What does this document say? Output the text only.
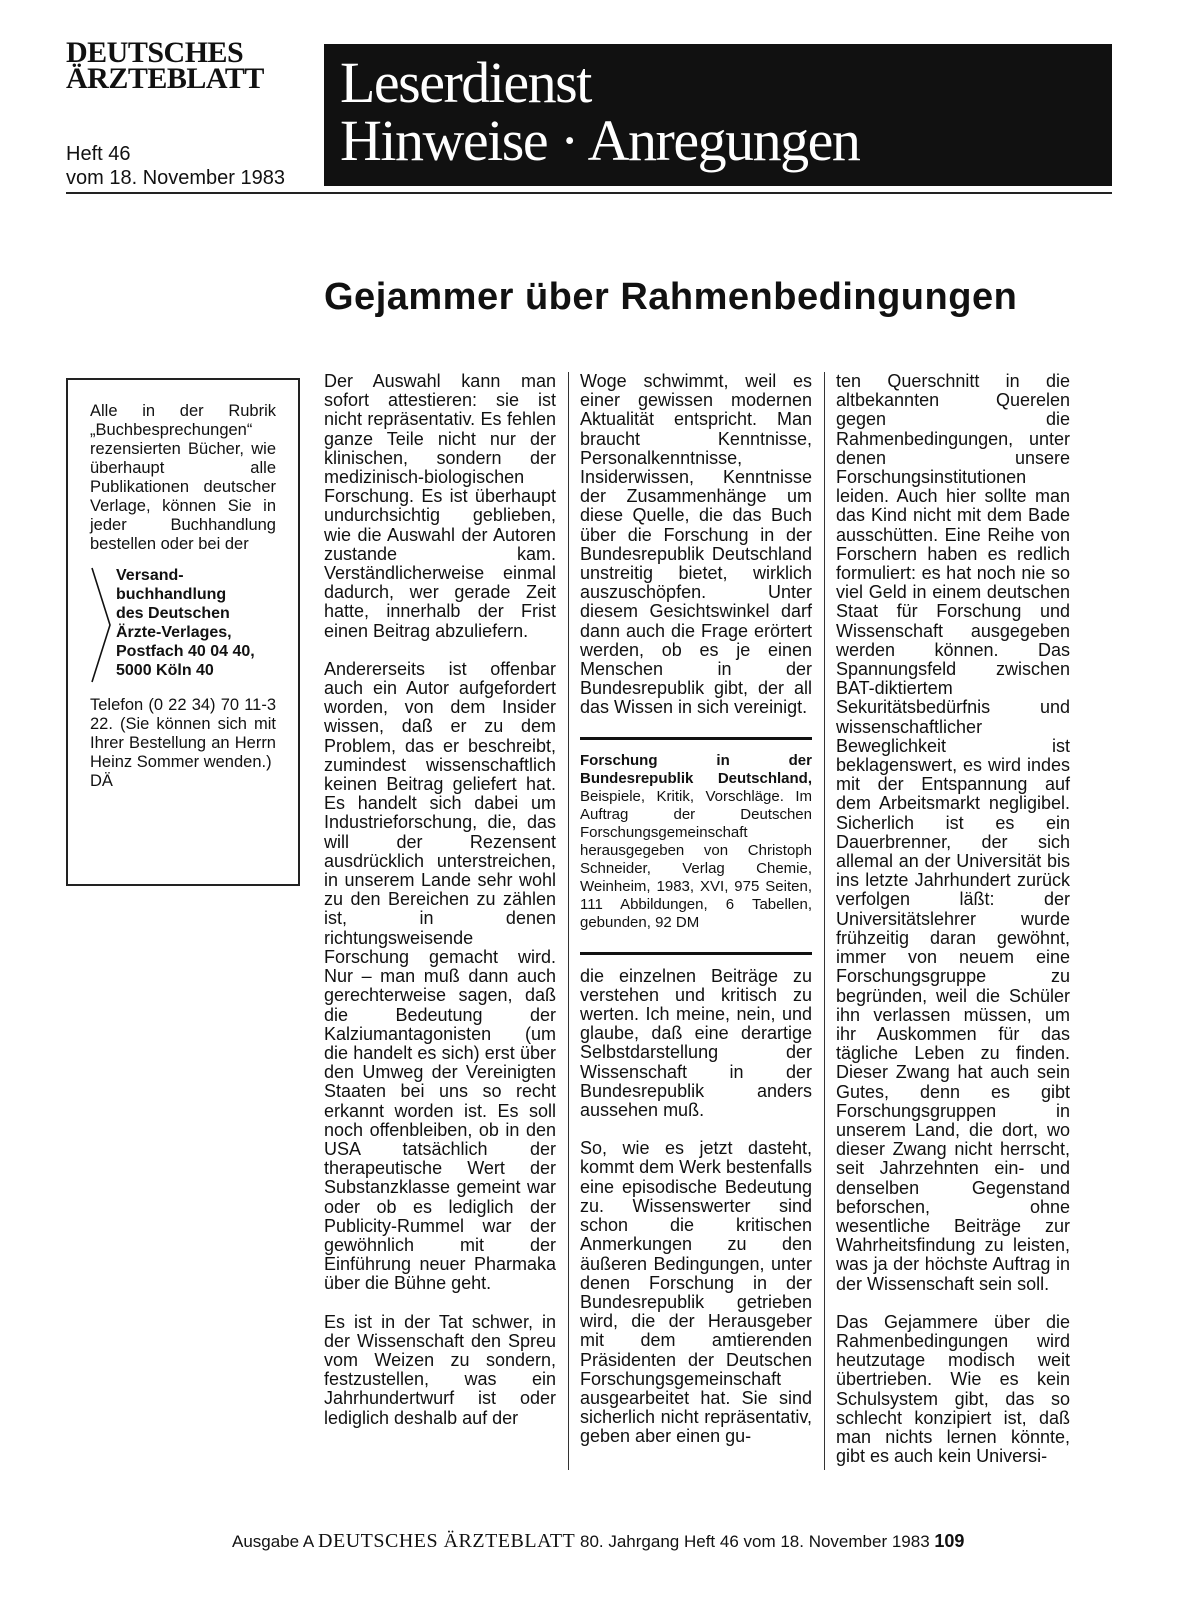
DEUTSCHES
ÄRZTEBLATT
Heft 46
vom 18. November 1983
Leserdienst
Hinweise · Anregungen
Gejammer über Rahmenbedingungen

Alle in der Rubrik „Buchbesprechungen“ rezensierten Bücher, wie überhaupt alle Publikationen deutscher Verlage, können Sie in jeder Buchhandlung bestellen oder bei der

Versand-
buchhandlung
des Deutschen
Ärzte-Verlages,
Postfach 40 04 40,
5000 Köln 40

Telefon (0 22 34) 70 11-3 22. (Sie können sich mit Ihrer Bestellung an Herrn Heinz Sommer wenden.)

DÄ

Der Auswahl kann man sofort attestieren: sie ist nicht repräsentativ. Es fehlen ganze Teile nicht nur der klinischen, sondern der medizinisch-biologischen Forschung. Es ist überhaupt undurchsichtig geblieben, wie die Auswahl der Autoren zustande kam. Verständlicherweise einmal dadurch, wer gerade Zeit hatte, innerhalb der Frist einen Beitrag abzuliefern.

Andererseits ist offenbar auch ein Autor aufgefordert worden, von dem Insider wissen, daß er zu dem Problem, das er beschreibt, zumindest wissenschaftlich keinen Beitrag geliefert hat. Es handelt sich dabei um Industrieforschung, die, das will der Rezensent ausdrücklich unterstreichen, in unserem Lande sehr wohl zu den Bereichen zu zählen ist, in denen richtungsweisende Forschung gemacht wird. Nur – man muß dann auch gerechterweise sagen, daß die Bedeutung der Kalziumantagonisten (um die handelt es sich) erst über den Umweg der Vereinigten Staaten bei uns so recht erkannt worden ist. Es soll noch offenbleiben, ob in den USA tatsächlich der therapeutische Wert der Substanzklasse gemeint war oder ob es lediglich der Publicity-Rummel war der gewöhnlich mit der Einführung neuer Pharmaka über die Bühne geht.

Es ist in der Tat schwer, in der Wissenschaft den Spreu vom Weizen zu sondern, festzustellen, was ein Jahrhundertwurf ist oder lediglich deshalb auf der

Woge schwimmt, weil es einer gewissen modernen Aktualität entspricht. Man braucht Kenntnisse, Personalkenntnisse, Insiderwissen, Kenntnisse der Zusammenhänge um diese Quelle, die das Buch über die Forschung in der Bundesrepublik Deutschland unstreitig bietet, wirklich auszuschöpfen. Unter diesem Gesichtswinkel darf dann auch die Frage erörtert werden, ob es je einen Menschen in der Bundesrepublik gibt, der all das Wissen in sich vereinigt.

Forschung in der Bundesrepublik Deutschland, Beispiele, Kritik, Vorschläge. Im Auftrag der Deutschen Forschungsgemeinschaft herausgegeben von Christoph Schneider, Verlag Chemie, Weinheim, 1983, XVI, 975 Seiten, 111 Abbildungen, 6 Tabellen, gebunden, 92 DM

die einzelnen Beiträge zu verstehen und kritisch zu werten. Ich meine, nein, und glaube, daß eine derartige Selbstdarstellung der Wissenschaft in der Bundesrepublik anders aussehen muß.

So, wie es jetzt dasteht, kommt dem Werk bestenfalls eine episodische Bedeutung zu. Wissenswerter sind schon die kritischen Anmerkungen zu den äußeren Bedingungen, unter denen Forschung in der Bundesrepublik getrieben wird, die der Herausgeber mit dem amtierenden Präsidenten der Deutschen Forschungsgemeinschaft ausgearbeitet hat. Sie sind sicherlich nicht repräsentativ, geben aber einen gu-

ten Querschnitt in die altbekannten Querelen gegen die Rahmenbedingungen, unter denen unsere Forschungsinstitutionen leiden. Auch hier sollte man das Kind nicht mit dem Bade ausschütten. Eine Reihe von Forschern haben es redlich formuliert: es hat noch nie so viel Geld in einem deutschen Staat für Forschung und Wissenschaft ausgegeben werden können. Das Spannungsfeld zwischen BAT-diktiertem Sekuritätsbedürfnis und wissenschaftlicher Beweglichkeit ist beklagenswert, es wird indes mit der Entspannung auf dem Arbeitsmarkt negligibel. Sicherlich ist es ein Dauerbrenner, der sich allemal an der Universität bis ins letzte Jahrhundert zurück verfolgen läßt: der Universitätslehrer wurde frühzeitig daran gewöhnt, immer von neuem eine Forschungsgruppe zu begründen, weil die Schüler ihn verlassen müssen, um ihr Auskommen für das tägliche Leben zu finden. Dieser Zwang hat auch sein Gutes, denn es gibt Forschungsgruppen in unserem Land, die dort, wo dieser Zwang nicht herrscht, seit Jahrzehnten ein- und denselben Gegenstand beforschen, ohne wesentliche Beiträge zur Wahrheitsfindung zu leisten, was ja der höchste Auftrag in der Wissenschaft sein soll.

Das Gejammere über die Rahmenbedingungen wird heutzutage modisch weit übertrieben. Wie es kein Schulsystem gibt, das so schlecht konzipiert ist, daß man nichts lernen könnte, gibt es auch kein Universi-

Ausgabe A DEUTSCHES ÄRZTEBLATT 80. Jahrgang Heft 46 vom 18. November 1983 109
